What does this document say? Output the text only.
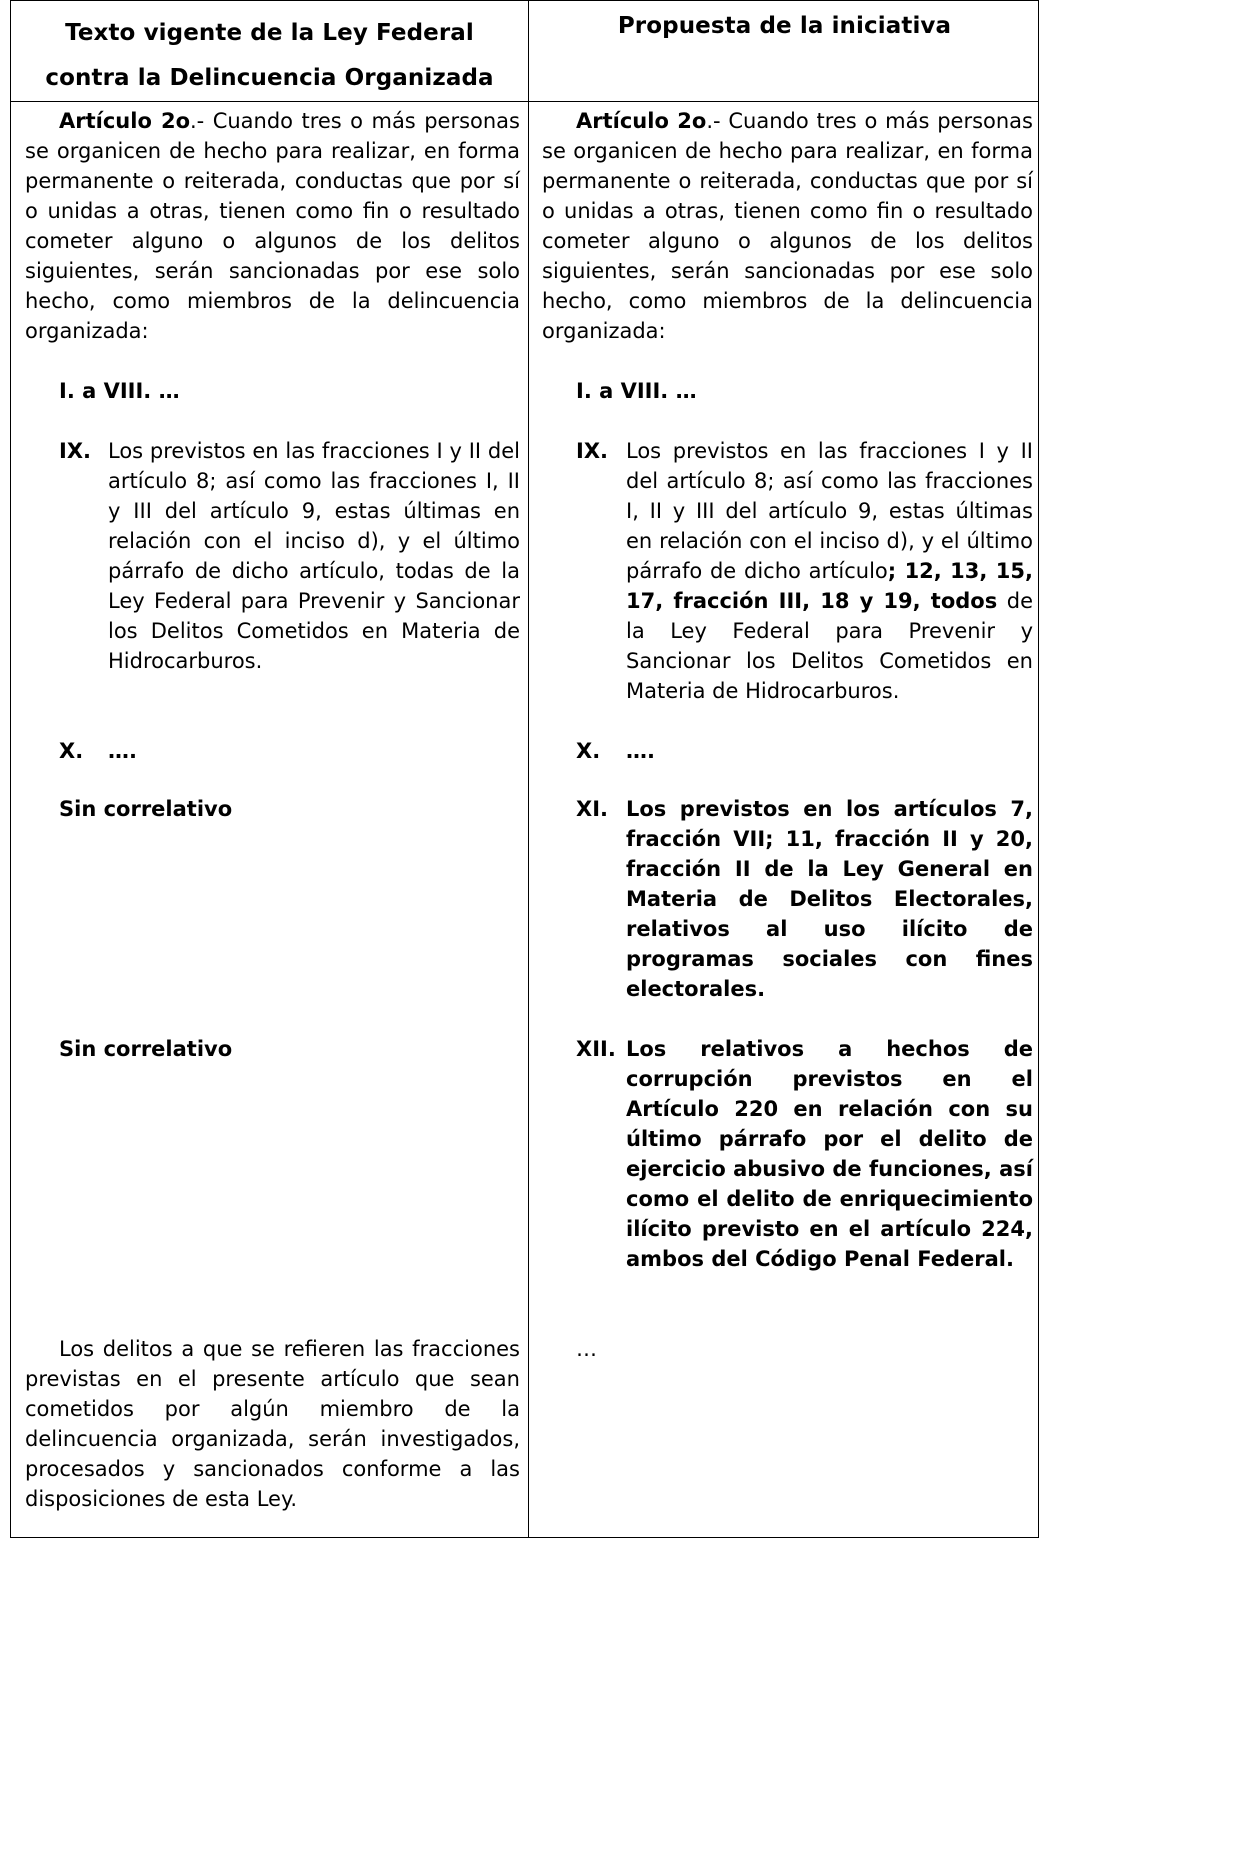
Texto vigente de la Ley Federal
contra la Delincuencia Organizada
Propuesta de la iniciativa

Artículo 2o.- Cuando tres o más personas se organicen de hecho para realizar, en forma permanente o reiterada, conductas que por sí o unidas a otras, tienen como fin o resultado cometer alguno o algunos de los delitos siguientes, serán sancionadas por ese solo hecho, como miembros de la delincuencia organizada:

I. a VIII. …

IX. Los previstos en las fracciones I y II del artículo 8; así como las fracciones I, II y III del artículo 9, estas últimas en relación con el inciso d), y el último párrafo de dicho artículo, todas de la Ley Federal para Prevenir y Sancionar los Delitos Cometidos en Materia de Hidrocarburos.
X.	….

Sin correlativo

Sin correlativo

Los delitos a que se refieren las fracciones previstas en el presente artículo que sean cometidos por algún miembro de la delincuencia organizada, serán investigados, procesados y sancionados conforme a las disposiciones de esta Ley.

Artículo 2o.- Cuando tres o más personas se organicen de hecho para realizar, en forma permanente o reiterada, conductas que por sí o unidas a otras, tienen como fin o resultado cometer alguno o algunos de los delitos siguientes, serán sancionadas por ese solo hecho, como miembros de la delincuencia organizada:

I. a VIII. …

IX. Los previstos en las fracciones I y II del artículo 8; así como las fracciones I, II y III del artículo 9, estas últimas en relación con el inciso d), y el último párrafo de dicho artículo; 12, 13, 15, 17, fracción III, 18 y 19, todos de la Ley Federal para Prevenir y Sancionar los Delitos Cometidos en Materia de Hidrocarburos.
X.	….
XI. Los previstos en los artículos 7, fracción VII; 11, fracción II y 20, fracción II de la Ley General en Materia de Delitos Electorales, relativos al uso ilícito de programas sociales con fines electorales.
XII. Los relativos a hechos de corrupción previstos en el Artículo 220 en relación con su último párrafo por el delito de ejercicio abusivo de funciones, así como el delito de enriquecimiento ilícito previsto en el artículo 224, ambos del Código Penal Federal.

…
